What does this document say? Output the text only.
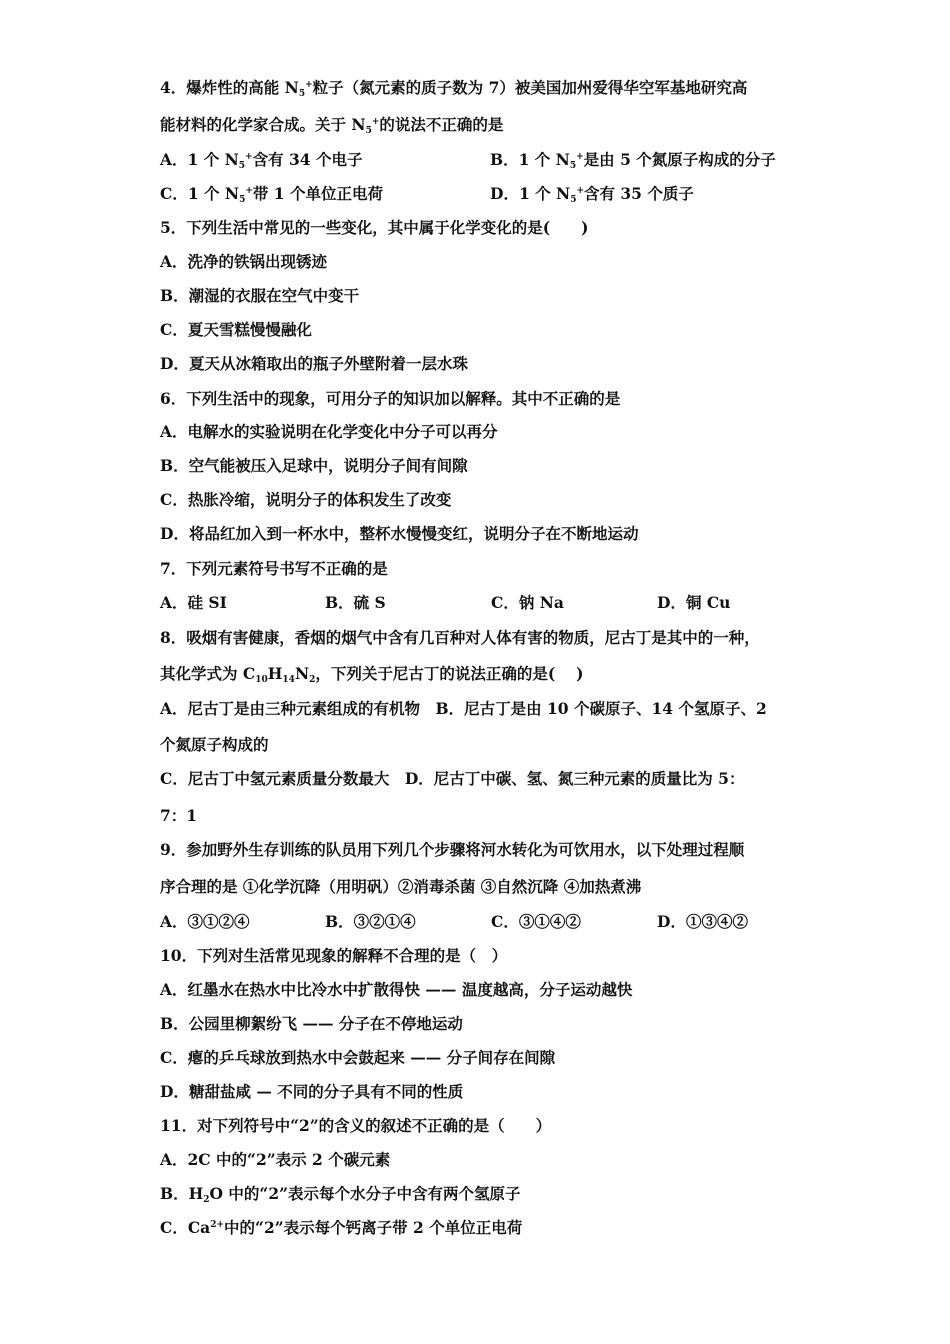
4．爆炸性的高能 $N_5^+$粒子（氮元素的质子数为 7）被美国加州爱得华空军基地研究高
能材料的化学家合成。关于 $N_5^+$的说法不正确的是
A．1 个 $N_5^+$含有 34 个电子	B．1 个 $N_5^+$是由 5 个氮原子构成的分子
C．1 个 $N_5^+$带 1 个单位正电荷	D．1 个 $N_5^+$含有 35 个质子
5．下列生活中常见的一些变化，其中属于化学变化的是(　　)
A．洗净的铁锅出现锈迹
B．潮湿的衣服在空气中变干
C．夏天雪糕慢慢融化
D．夏天从冰箱取出的瓶子外壁附着一层水珠
6．下列生活中的现象，可用分子的知识加以解释。其中不正确的是
A．电解水的实验说明在化学变化中分子可以再分
B．空气能被压入足球中，说明分子间有间隙
C．热胀冷缩，说明分子的体积发生了改变
D．将品红加入到一杯水中，整杯水慢慢变红，说明分子在不断地运动
7．下列元素符号书写不正确的是
A．硅 SI	B．硫 S	C．钠 Na	D．铜 Cu
8．吸烟有害健康，香烟的烟气中含有几百种对人体有害的物质，尼古丁是其中的一种，
其化学式为 $C_{10}H_{14}N_2$，下列关于尼古丁的说法正确的是(　 )
A．尼古丁是由三种元素组成的有机物　B．尼古丁是由 10 个碳原子、14 个氢原子、2
个氮原子构成的
C．尼古丁中氢元素质量分数最大　D．尼古丁中碳、氢、氮三种元素的质量比为 5：
7：1
9．参加野外生存训练的队员用下列几个步骤将河水转化为可饮用水，以下处理过程顺
序合理的是 ①化学沉降（用明矾）②消毒杀菌 ③自然沉降 ④加热煮沸
A．③①②④	B．③②①④	C．③①④②	D．①③④②
10．下列对生活常见现象的解释不合理的是（　）
A．红墨水在热水中比冷水中扩散得快 —— 温度越高，分子运动越快
B．公园里柳絮纷飞 —— 分子在不停地运动
C．瘪的乒乓球放到热水中会鼓起来 —— 分子间存在间隙
D．糖甜盐咸 — 不同的分子具有不同的性质
11．对下列符号中“2”的含义的叙述不正确的是（　　）
A．2C 中的“2”表示 2 个碳元素
B．$H_2O$ 中的“2”表示每个水分子中含有两个氢原子
C．$Ca^{2+}$中的“2”表示每个钙离子带 2 个单位正电荷
